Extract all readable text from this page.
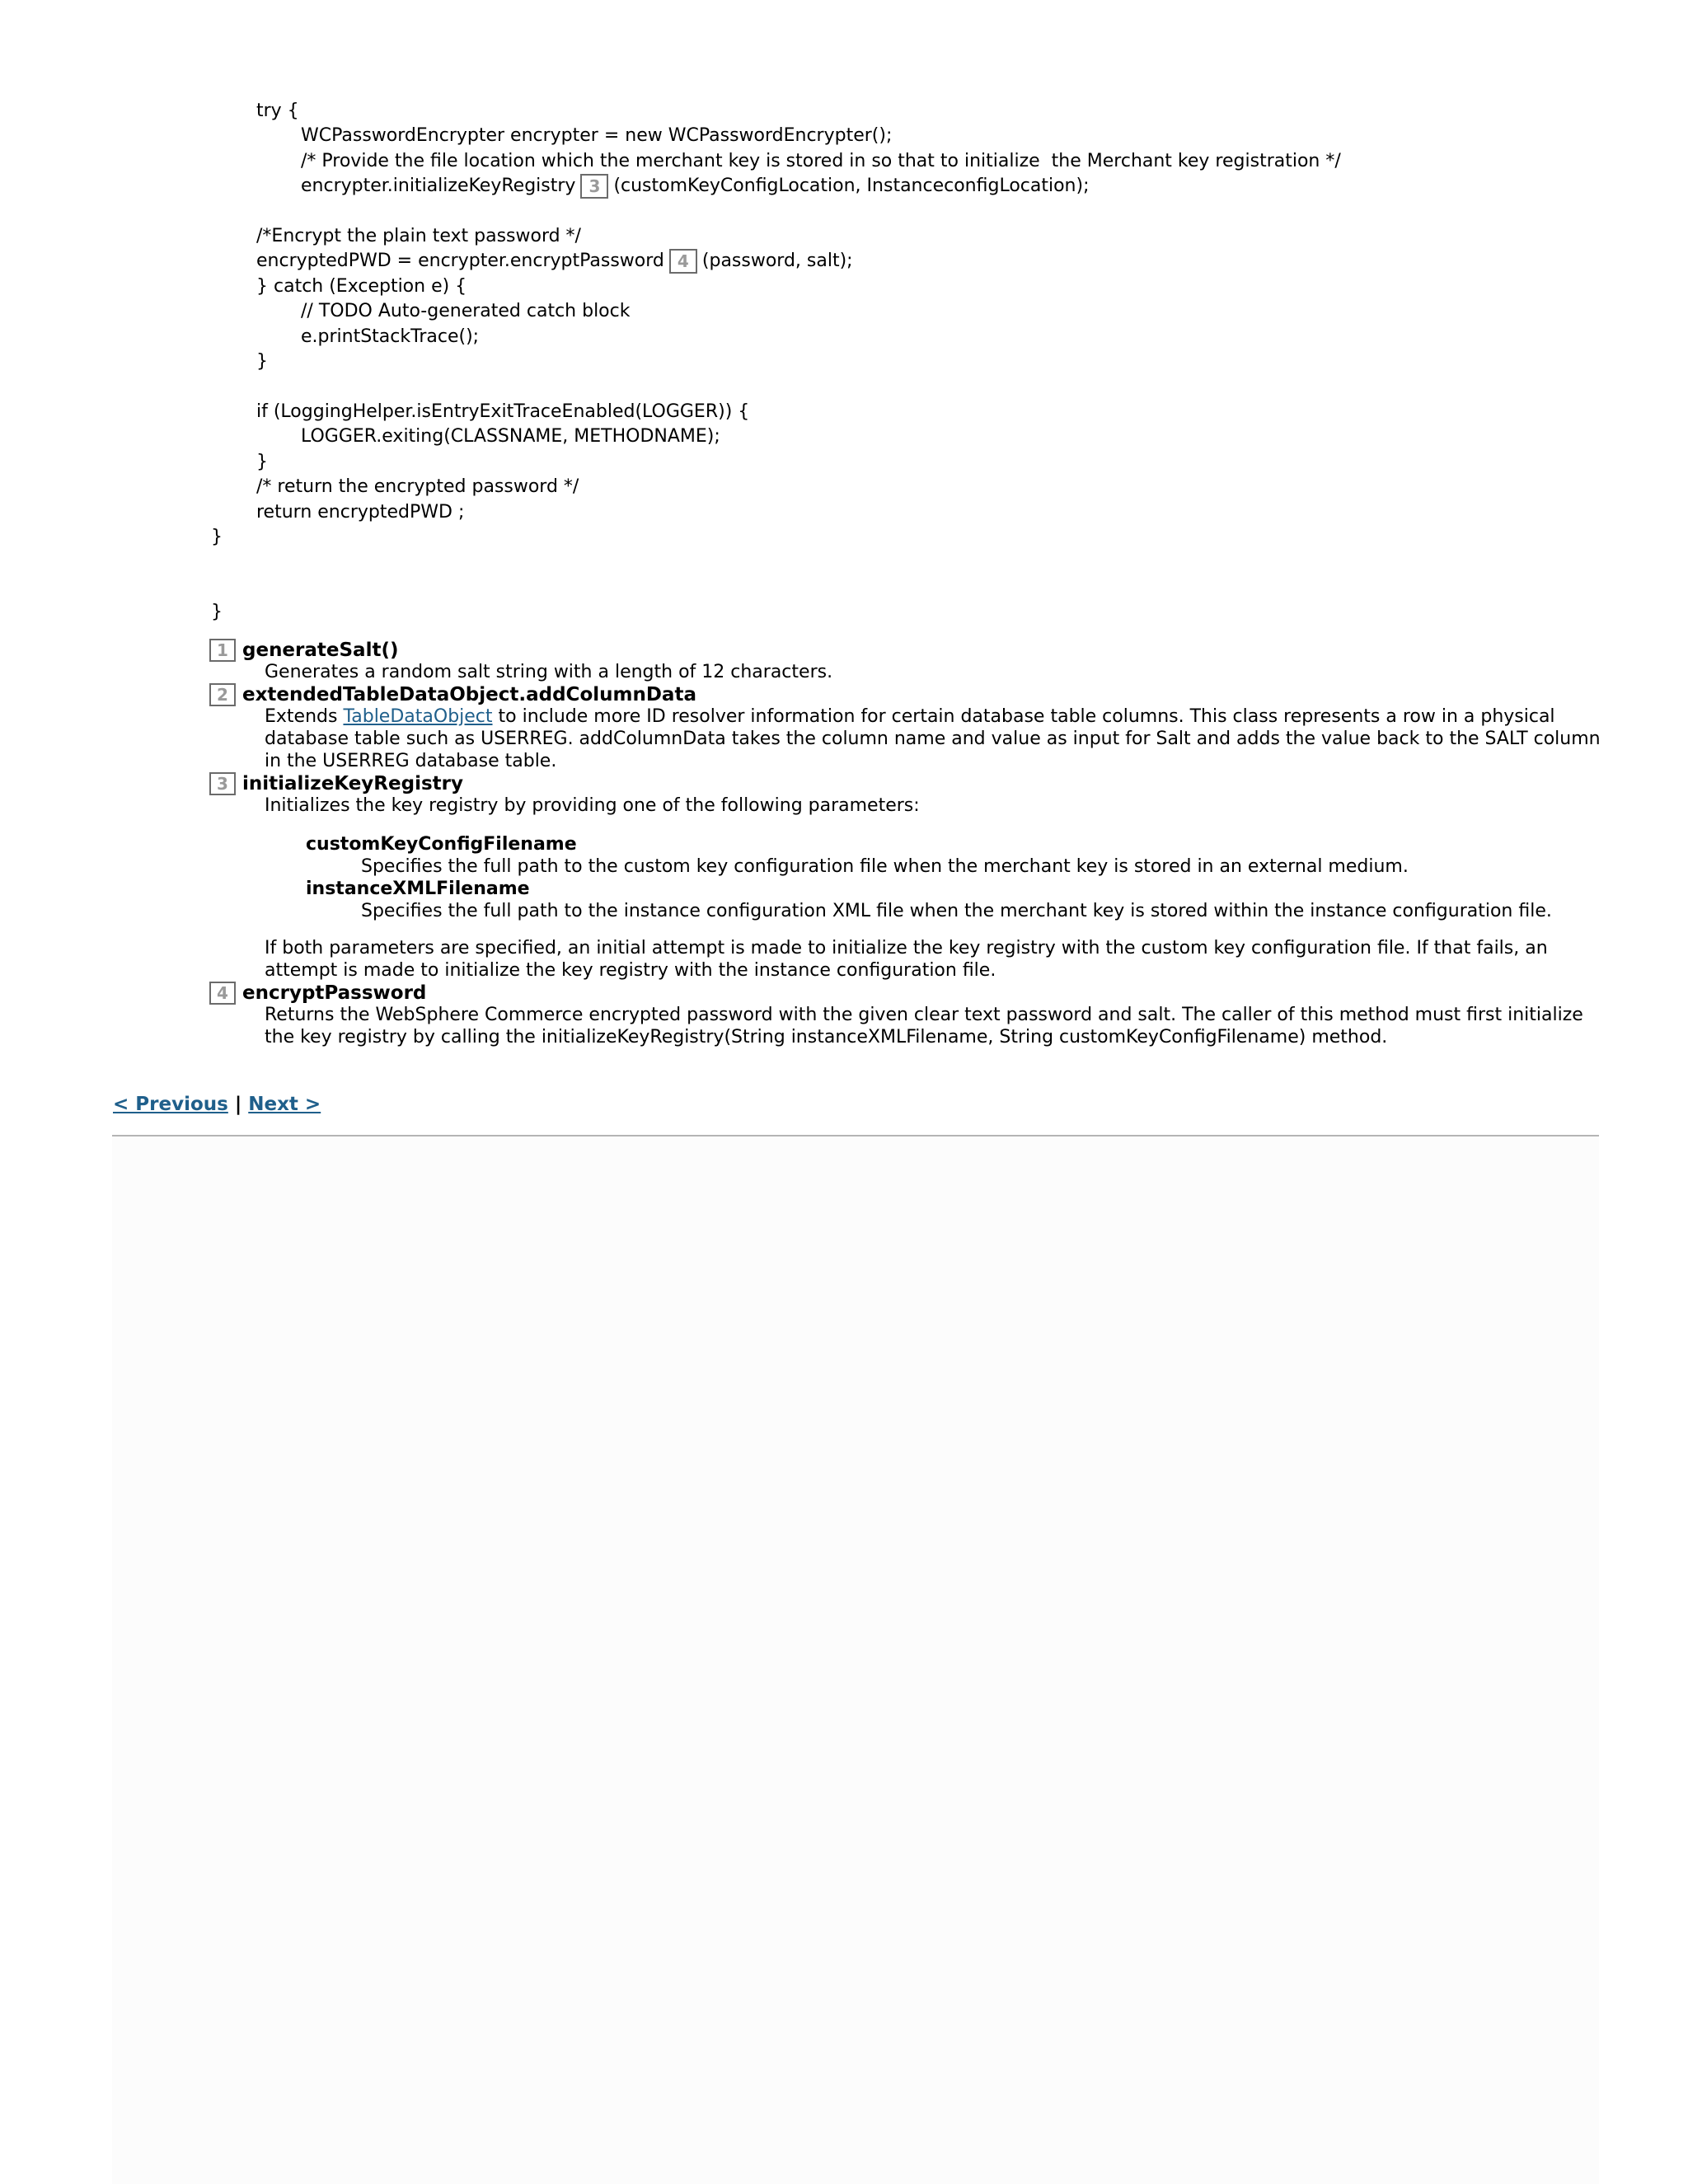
try {
WCPasswordEncrypter encrypter = new WCPasswordEncrypter();
/* Provide the file location which the merchant key is stored in so that to initialize  the Merchant key registration */
encrypter.initializeKeyRegistry 3 (customKeyConfigLocation, InstanceconfigLocation);
/*Encrypt the plain text password */
encryptedPWD = encrypter.encryptPassword 4 (password, salt);
} catch (Exception e) {
// TODO Auto-generated catch block
e.printStackTrace();
}
if (LoggingHelper.isEntryExitTraceEnabled(LOGGER)) {
LOGGER.exiting(CLASSNAME, METHODNAME);
}
/* return the encrypted password */
return encryptedPWD ;
}
}
1 generateSalt()
Generates a random salt string with a length of 12 characters.
2 extendedTableDataObject.addColumnData
Extends TableDataObject to include more ID resolver information for certain database table columns. This class represents a row in a physical database table such as USERREG. addColumnData takes the column name and value as input for Salt and adds the value back to the SALT column in the USERREG database table.
3 initializeKeyRegistry
Initializes the key registry by providing one of the following parameters:
customKeyConfigFilename
Specifies the full path to the custom key configuration file when the merchant key is stored in an external medium.
instanceXMLFilename
Specifies the full path to the instance configuration XML file when the merchant key is stored within the instance configuration file.
If both parameters are specified, an initial attempt is made to initialize the key registry with the custom key configuration file. If that fails, an attempt is made to initialize the key registry with the instance configuration file.
4 encryptPassword
Returns the WebSphere Commerce encrypted password with the given clear text password and salt. The caller of this method must first initialize the key registry by calling the initializeKeyRegistry(String instanceXMLFilename, String customKeyConfigFilename) method.
< Previous | Next >
